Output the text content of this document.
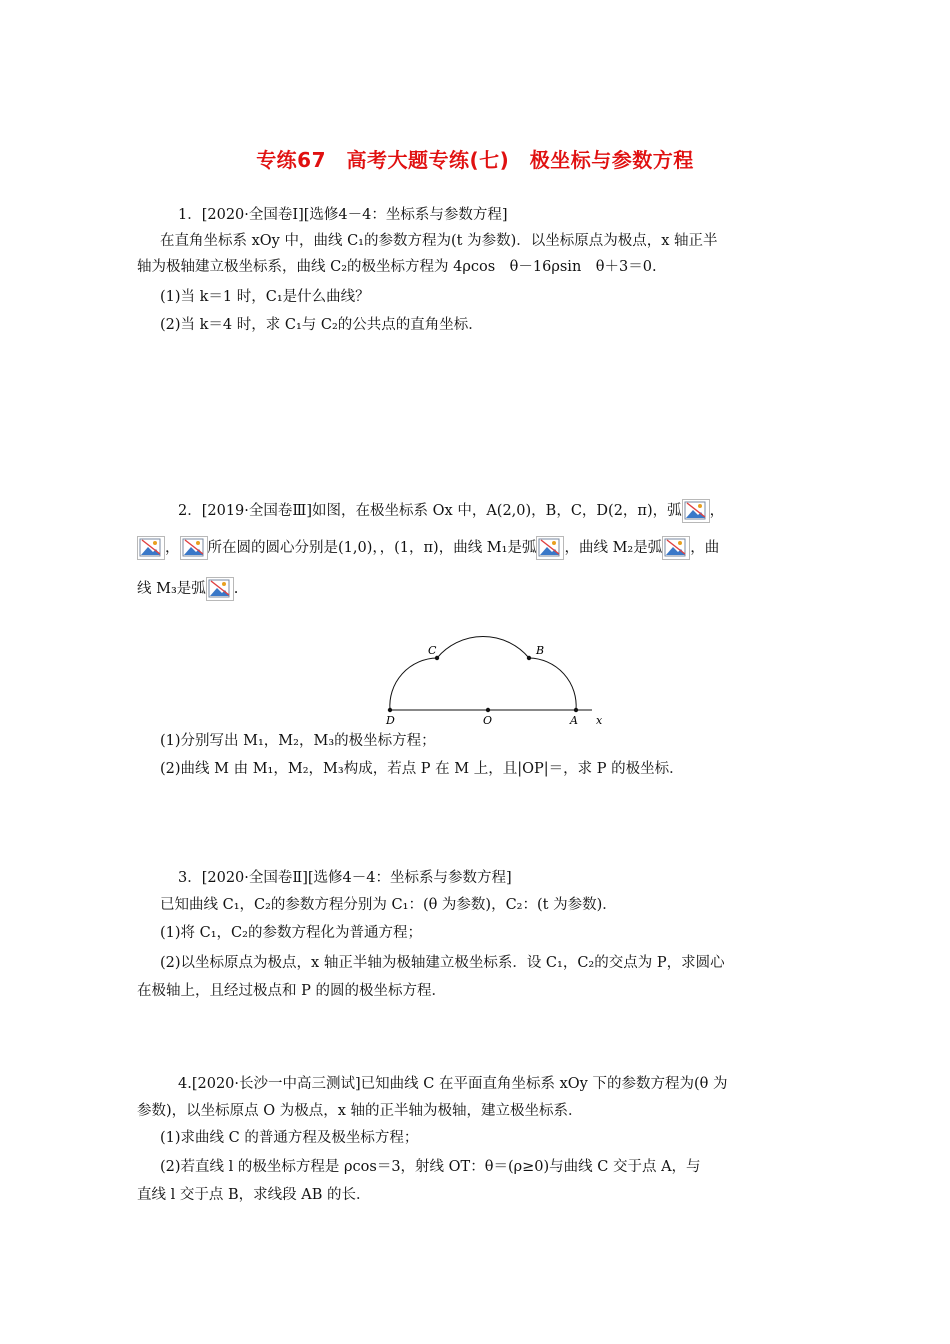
专练67　高考大题专练(七)　极坐标与参数方程
1．[2020·全国卷Ⅰ][选修4－4：坐标系与参数方程]
在直角坐标系 xOy 中，曲线 C₁的参数方程为(t 为参数)．以坐标原点为极点，x 轴正半
轴为极轴建立极坐标系，曲线 C₂的极坐标方程为 4ρcos　θ－16ρsin　θ＋3＝0.
(1)当 k＝1 时，C₁是什么曲线？
(2)当 k＝4 时，求 C₁与 C₂的公共点的直角坐标．
2．[2019·全国卷Ⅲ]如图，在极坐标系 Ox 中，A(2,0)，B，C，D(2，π)，弧 ，
， 所在圆的圆心分别是(1,0)，，(1，π)，曲线 M₁是弧 ，曲线 M₂是弧 ，曲
线 M₃是弧 .
C	B
D	O	A x
(1)分别写出 M₁，M₂，M₃的极坐标方程；
(2)曲线 M 由 M₁，M₂，M₃构成，若点 P 在 M 上，且|OP|＝，求 P 的极坐标．
3．[2020·全国卷Ⅱ][选修4－4：坐标系与参数方程]
已知曲线 C₁，C₂的参数方程分别为 C₁：(θ 为参数)，C₂：(t 为参数)．
(1)将 C₁，C₂的参数方程化为普通方程；
(2)以坐标原点为极点，x 轴正半轴为极轴建立极坐标系．设 C₁，C₂的交点为 P，求圆心
在极轴上，且经过极点和 P 的圆的极坐标方程．
4.[2020·长沙一中高三测试]已知曲线 C 在平面直角坐标系 xOy 下的参数方程为(θ 为
参数)，以坐标原点 O 为极点，x 轴的正半轴为极轴，建立极坐标系．
(1)求曲线 C 的普通方程及极坐标方程；
(2)若直线 l 的极坐标方程是 ρcos＝3，射线 OT：θ＝(ρ≥0)与曲线 C 交于点 A，与
直线 l 交于点 B，求线段 AB 的长．
